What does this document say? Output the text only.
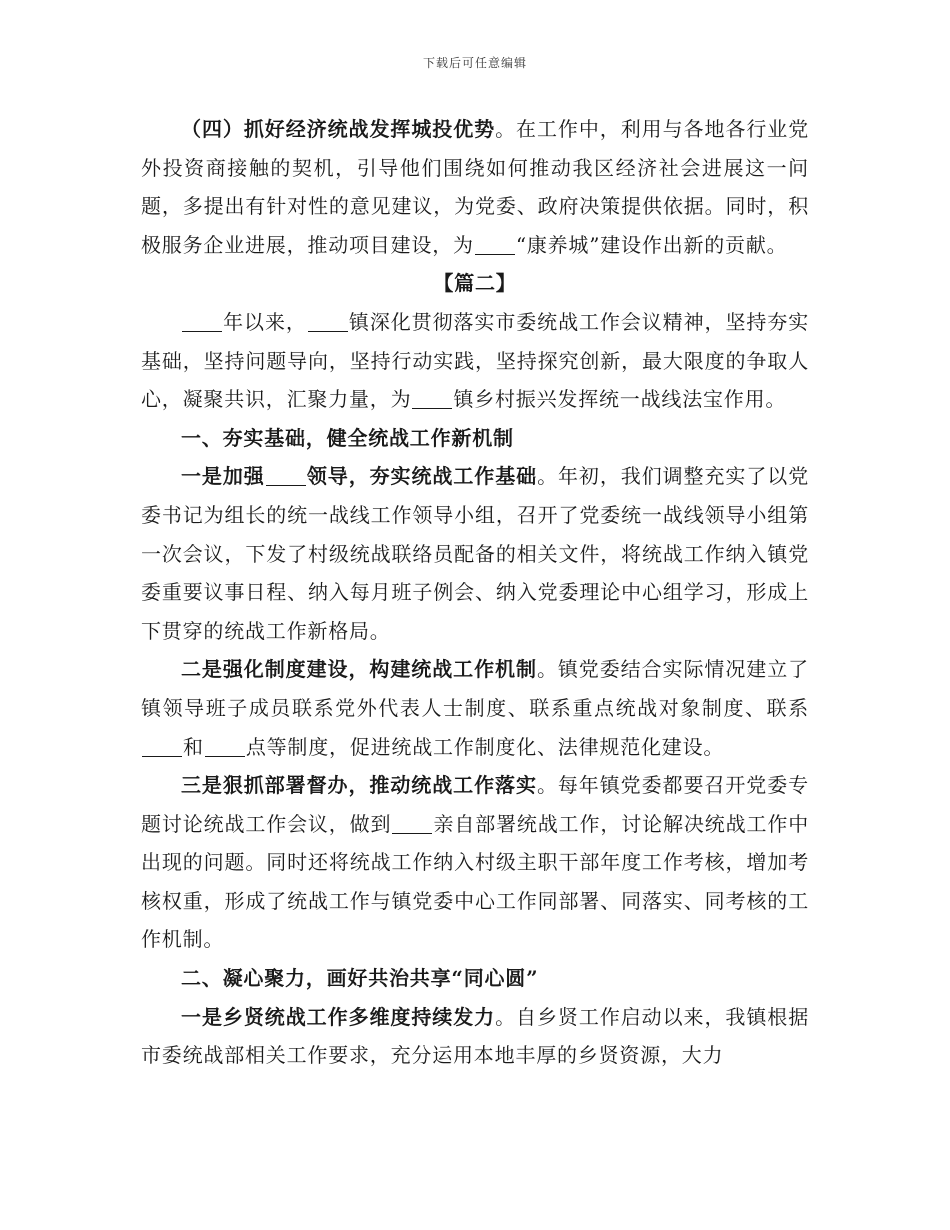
下载后可任意编辑

（四）抓好经济统战发挥城投优势。在工作中，利用与各地各行业党外投资商接触的契机，引导他们围绕如何推动我区经济社会进展这一问题，多提出有针对性的意见建议，为党委、政府决策提供依据。同时，积极服务企业进展，推动项目建设，为 “康养城”建设作出新的贡献。

【篇二】

年以来， 镇深化贯彻落实市委统战工作会议精神，坚持夯实基础，坚持问题导向，坚持行动实践，坚持探究创新，最大限度的争取人心，凝聚共识，汇聚力量，为 镇乡村振兴发挥统一战线法宝作用。

一、夯实基础，健全统战工作新机制

一是加强 领导，夯实统战工作基础。年初，我们调整充实了以党委书记为组长的统一战线工作领导小组，召开了党委统一战线领导小组第一次会议，下发了村级统战联络员配备的相关文件，将统战工作纳入镇党委重要议事日程、纳入每月班子例会、纳入党委理论中心组学习，形成上下贯穿的统战工作新格局。

二是强化制度建设，构建统战工作机制。镇党委结合实际情况建立了镇领导班子成员联系党外代表人士制度、联系重点统战对象制度、联系和 点等制度，促进统战工作制度化、法律规范化建设。

三是狠抓部署督办，推动统战工作落实。每年镇党委都要召开党委专题讨论统战工作会议，做到 亲自部署统战工作，讨论解决统战工作中出现的问题。同时还将统战工作纳入村级主职干部年度工作考核，增加考核权重，形成了统战工作与镇党委中心工作同部署、同落实、同考核的工作机制。

二、凝心聚力，画好共治共享“同心圆”

一是乡贤统战工作多维度持续发力。自乡贤工作启动以来，我镇根据市委统战部相关工作要求，充分运用本地丰厚的乡贤资源，大力
